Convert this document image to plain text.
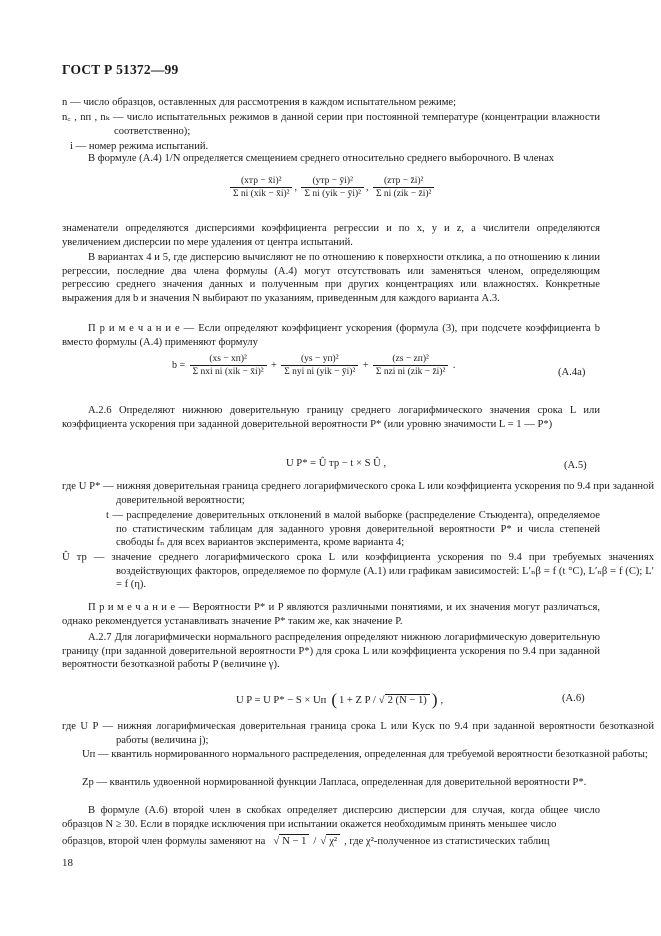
ГОСТ Р 51372—99
n — число образцов, оставленных для рассмотрения в каждом испытательном режиме;
n꜀ , nп , nₖ — число испытательных режимов в данной серии при постоянной температуре (концентрации влажности соответственно);
i — номер режима испытаний.
В формуле (А.4) 1/N определяется смещением среднего относительно среднего выборочного. В членах
$\frac{\text{(xтр − x̄i)²}}{\text{Σ ni (xik − x̄i)²}}$ , $\frac{\text{(yтр − ȳi)²}}{\text{Σ ni (yik − ȳi)²}}$ , $\frac{\text{(zтр − z̄i)²}}{\text{Σ ni (zik − z̄i)²}}$
знаменатели определяются дисперсиями коэффициента регрессии и по x, y и z, а числители определяются увеличением дисперсии по мере удаления от центра испытаний.
В вариантах 4 и 5, где дисперсию вычисляют не по отношению к поверхности отклика, а по отношению к линии регрессии, последние два члена формулы (А.4) могут отсутствовать или заменяться членом, определяющим регрессию среднего значения данных и полученным при других концентрациях или влажностях. Конкретные выражения для b и значения N выбирают по указаниям, приведенным для каждого варианта А.3.
П р и м е ч а н и е — Если определяют коэффициент ускорения (формула (3), при подсчете коэффициента b вместо формулы (А.4) применяют формулу
$b = \frac{\text{(xs − xп)²}}{\text{Σ nxi ni (xik − x̄i)²}} + \frac{\text{(ys − yп)²}}{\text{Σ nyi ni (yik − ȳi)²}} + \frac{\text{(zs − zп)²}}{\text{Σ nzi ni (zik − z̄i)²}}$ .
(А.4а)
А.2.6 Определяют нижнюю доверительную границу среднего логарифмического значения срока L или коэффициента ускорения при заданной доверительной вероятности P* (или уровню значимости L = 1 — P*)
U P* = Û тр − t × S Û ,	(А.5)
где U P* — нижняя доверительная граница среднего логарифмического срока L или коэффициента ускорения по 9.4 при заданной доверительной вероятности;
t — распределение доверительных отклонений в малой выборке (распределение Стьюдента), определяемое по статистическим таблицам для заданного уровня доверительной вероятности P* и числа степеней свободы fₙ для всех вариантов эксперимента, кроме варианта 4;
Û тр — значение среднего логарифмического срока L или коэффициента ускорения по 9.4 при требуемых значениях воздействующих факторов, определяемое по формуле (А.1) или графикам зависимостей: L′ₙβ = f (t °C), L′ₙβ = f (C); L′ = f (η).
П р и м е ч а н и е — Вероятности P* и P являются различными понятиями, и их значения могут различаться, однако рекомендуется устанавливать значение P* таким же, как значение P.
А.2.7 Для логарифмически нормального распределения определяют нижнюю логарифмическую доверительную границу (при заданной доверительной вероятности P*) для срока L или коэффициента ускорения по 9.4 при заданной вероятности безотказной работы P (величине γ).
U P = U P* − S × Uп ( 1 + Z P / √ 2 (N − 1) ) ,	(А.6)
где U P — нижняя логарифмическая доверительная граница срока L или Kуск по 9.4 при заданной вероятности безотказной работы (величина j);
Uп — квантиль нормированного нормального распределения, определенная для требуемой вероятности безотказной работы;
Zp — квантиль удвоенной нормированной функции Лапласа, определенная для доверительной вероятности P*.
В формуле (А.6) второй член в скобках определяет дисперсию дисперсии для случая, когда общее число образцов N ≥ 30. Если в порядке исключения при испытании окажется необходимым принять меньшее число
образцов, второй член формулы заменяют на √ N − 1 / √ χ² , где χ²-полученное из статистических таблиц
18
